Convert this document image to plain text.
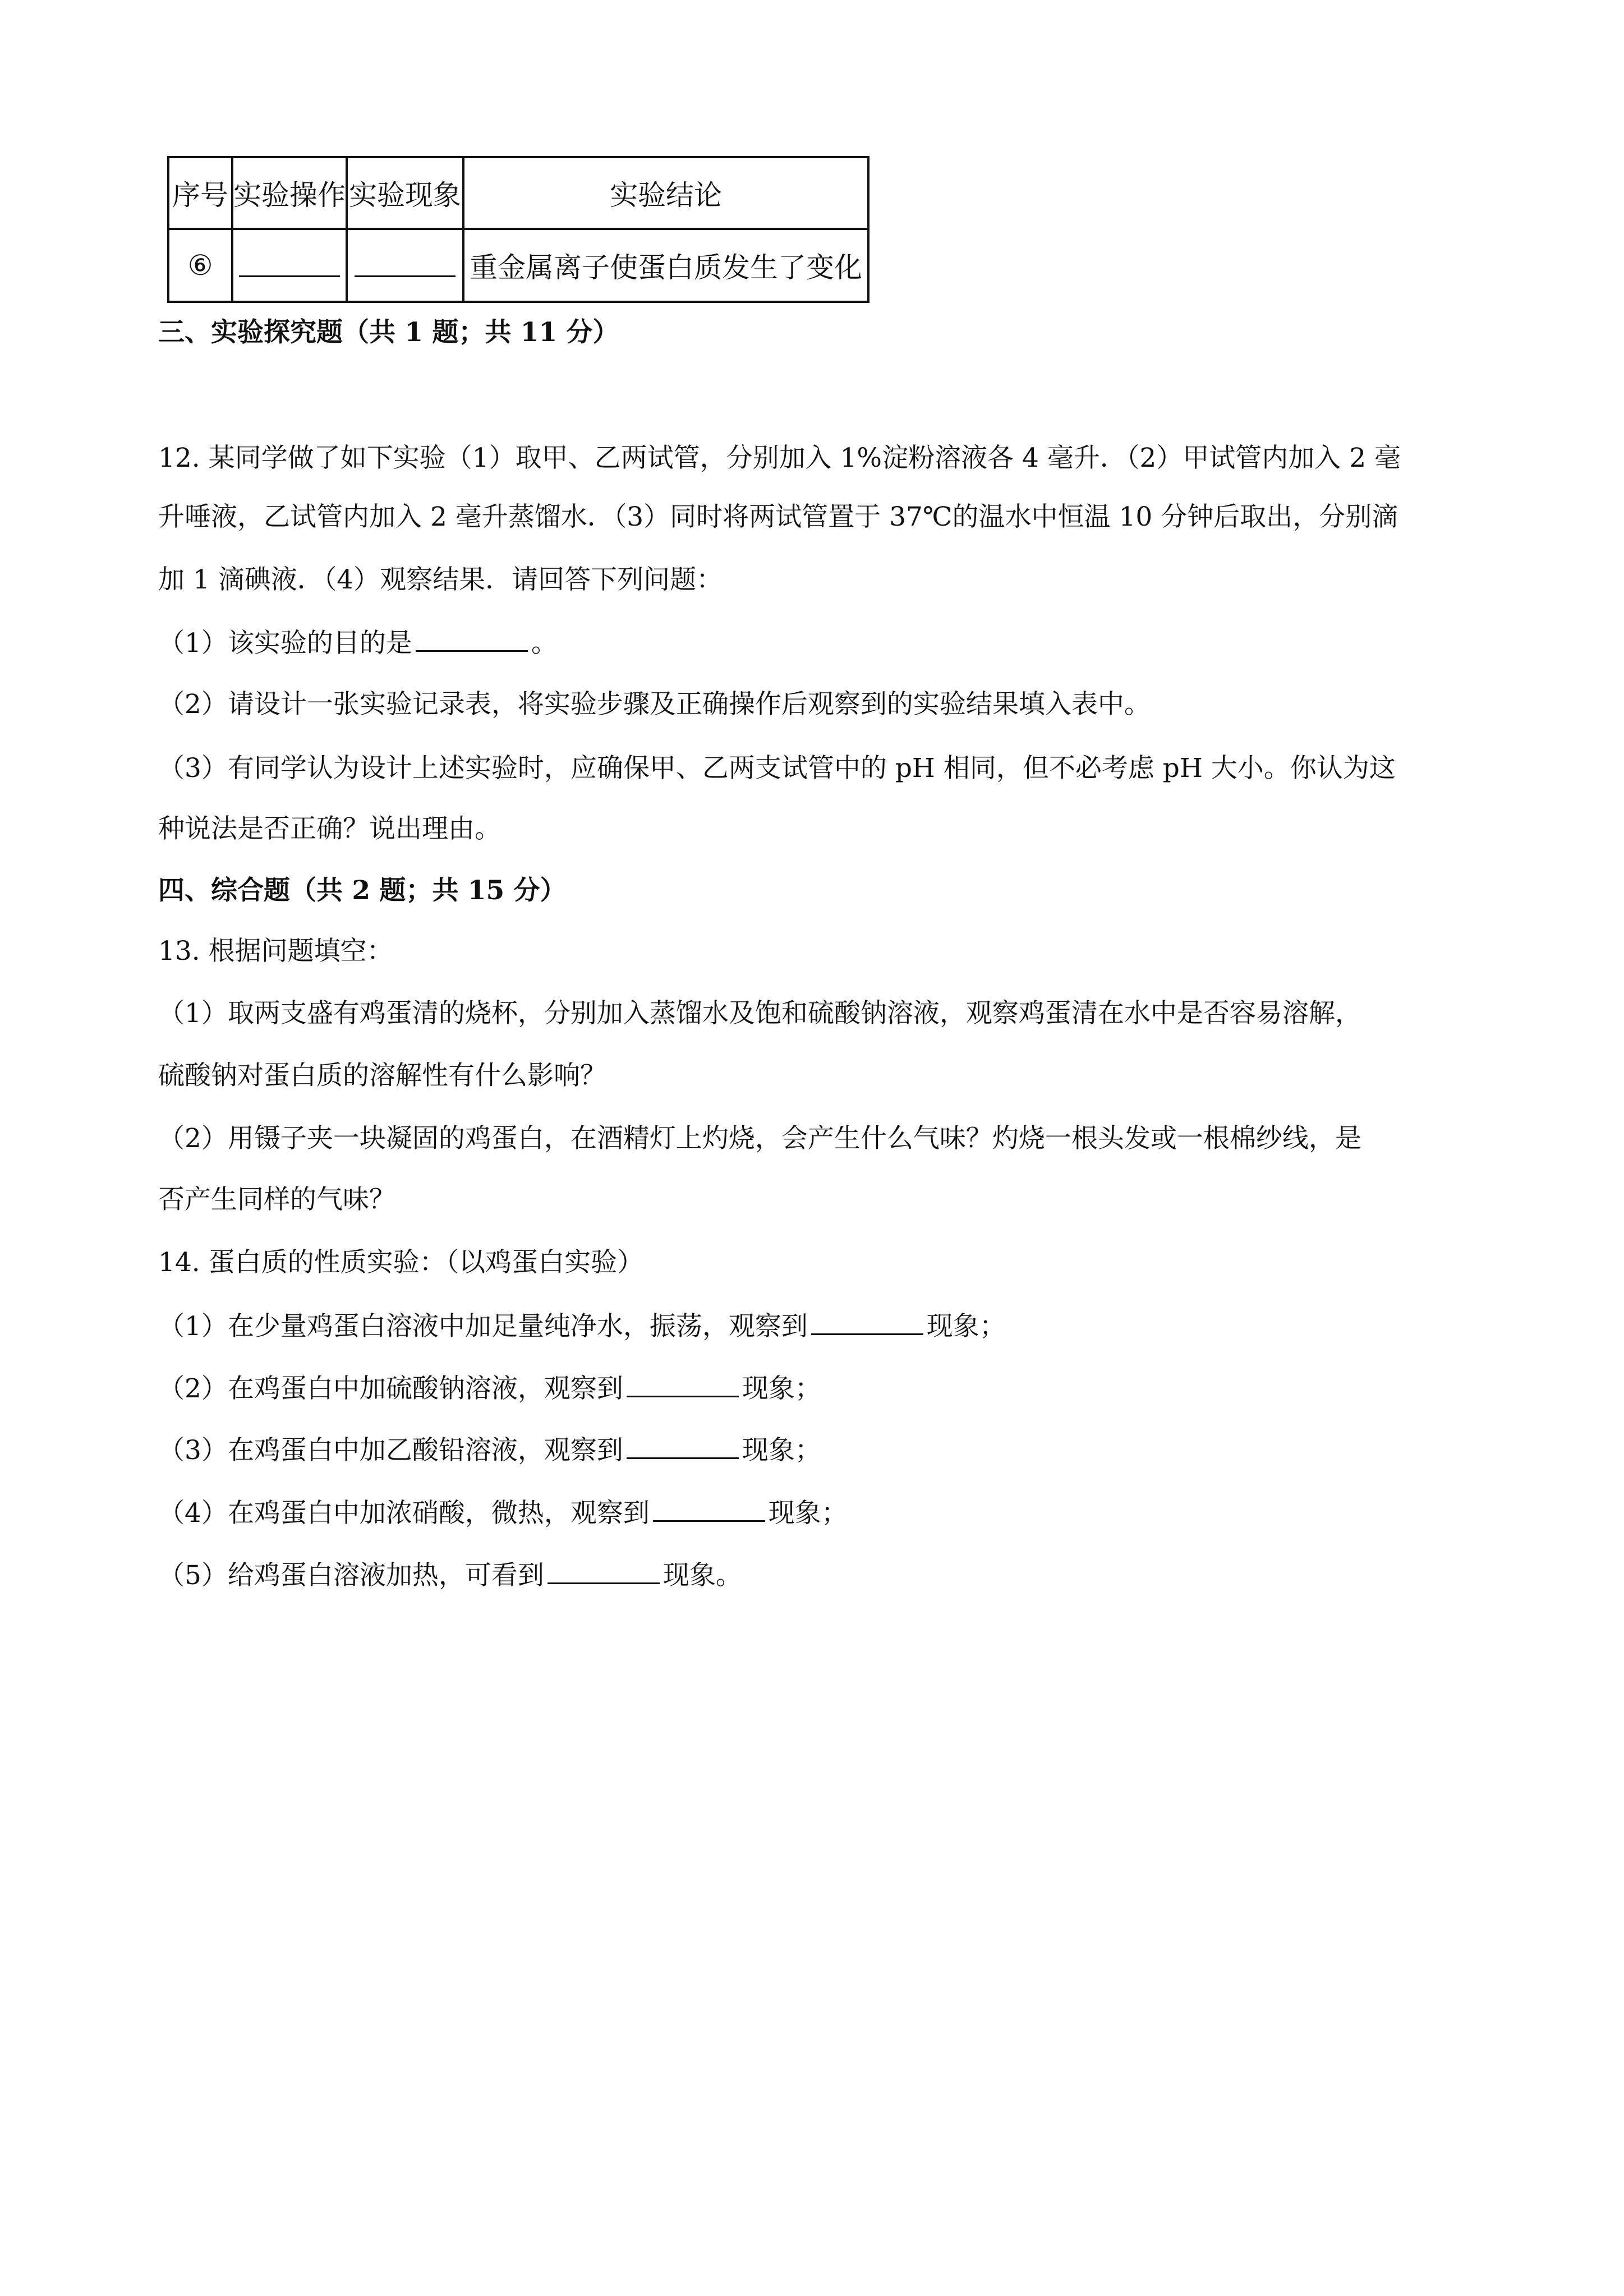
序号	实验操作	实验现象	实验结论
⑥			重金属离子使蛋白质发生了变化
三、实验探究题（共 1 题；共 11 分）
12. 某同学做了如下实验（1）取甲、乙两试管，分别加入 1%淀粉溶液各 4 毫升．（2）甲试管内加入 2 毫
升唾液，乙试管内加入 2 毫升蒸馏水．（3）同时将两试管置于 37℃的温水中恒温 10 分钟后取出，分别滴
加 1 滴碘液．（4）观察结果．请回答下列问题：
（1）该实验的目的是	。
（2）请设计一张实验记录表，将实验步骤及正确操作后观察到的实验结果填入表中。
（3）有同学认为设计上述实验时，应确保甲、乙两支试管中的 pH 相同，但不必考虑 pH 大小。你认为这
种说法是否正确？说出理由。
四、综合题（共 2 题；共 15 分）
13. 根据问题填空：
（1）取两支盛有鸡蛋清的烧杯，分别加入蒸馏水及饱和硫酸钠溶液，观察鸡蛋清在水中是否容易溶解，
硫酸钠对蛋白质的溶解性有什么影响？
（2）用镊子夹一块凝固的鸡蛋白，在酒精灯上灼烧，会产生什么气味？灼烧一根头发或一根棉纱线，是
否产生同样的气味？
14. 蛋白质的性质实验：（以鸡蛋白实验）
（1）在少量鸡蛋白溶液中加足量纯净水，振荡，观察到	现象；
（2）在鸡蛋白中加硫酸钠溶液，观察到	现象；
（3）在鸡蛋白中加乙酸铅溶液，观察到	现象；
（4）在鸡蛋白中加浓硝酸，微热，观察到	现象；
（5）给鸡蛋白溶液加热，可看到	现象。
